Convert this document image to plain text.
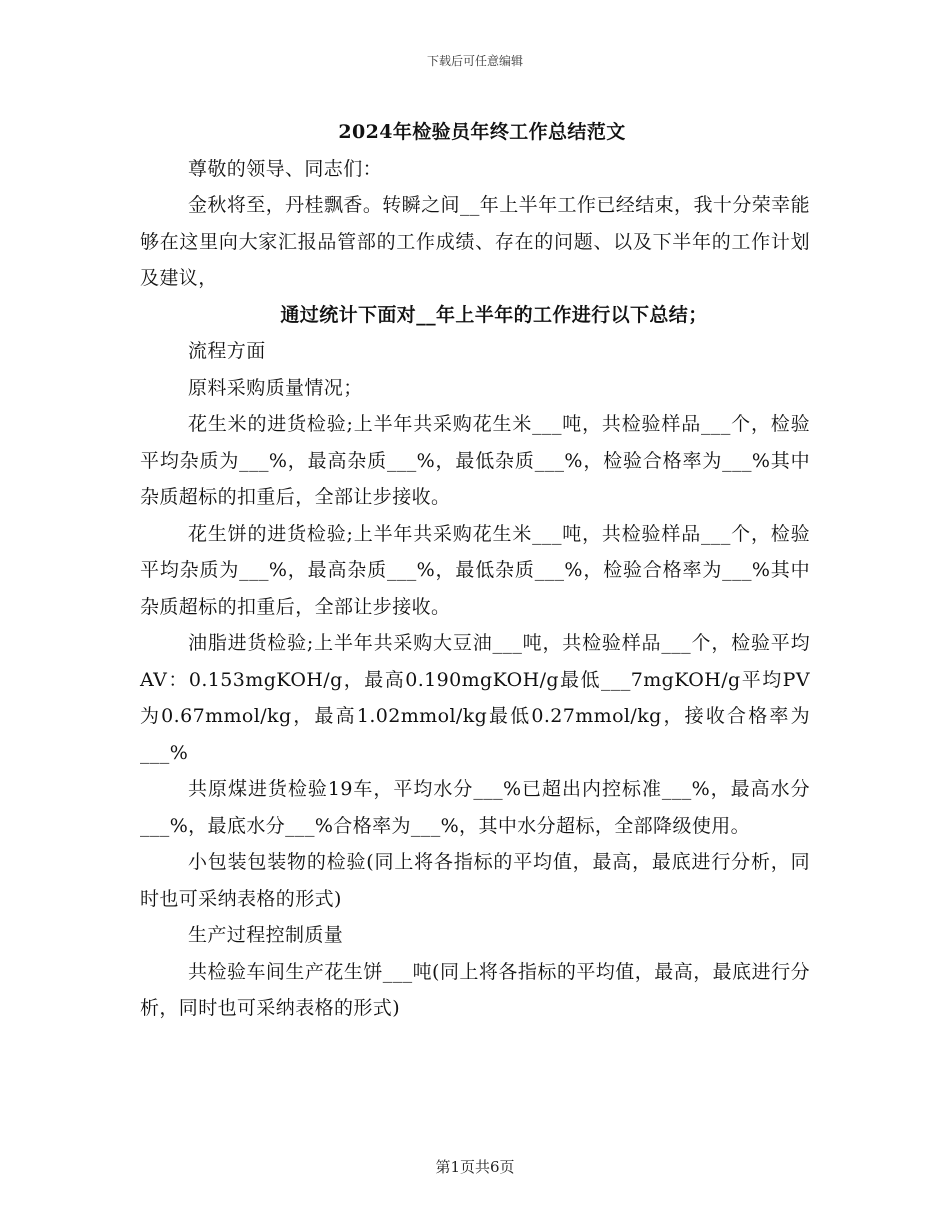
下载后可任意编辑
2024年检验员年终工作总结范文

尊敬的领导、同志们：

金秋将至，丹桂飘香。转瞬之间__年上半年工作已经结束，我十分荣幸能够在这里向大家汇报品管部的工作成绩、存在的问题、以及下半年的工作计划及建议，

通过统计下面对__年上半年的工作进行以下总结；

流程方面

原料采购质量情况；

花生米的进货检验;上半年共采购花生米___吨，共检验样品___个，检验平均杂质为___%，最高杂质___%，最低杂质___%，检验合格率为___%其中杂质超标的扣重后，全部让步接收。

花生饼的进货检验;上半年共采购花生米___吨，共检验样品___个，检验平均杂质为___%，最高杂质___%，最低杂质___%，检验合格率为___%其中杂质超标的扣重后，全部让步接收。

油脂进货检验;上半年共采购大豆油___吨，共检验样品___个，检验平均AV：0.153mgKOH/g，最高0.190mgKOH/g最低___7mgKOH/g平均PV为0.67mmol/kg，最高1.02mmol/kg最低0.27mmol/kg，接收合格率为___%

共原煤进货检验19车，平均水分___%已超出内控标准___%，最高水分___%，最底水分___%合格率为___%，其中水分超标，全部降级使用。

小包装包装物的检验(同上将各指标的平均值，最高，最底进行分析，同时也可采纳表格的形式)

生产过程控制质量

共检验车间生产花生饼___吨(同上将各指标的平均值，最高，最底进行分析，同时也可采纳表格的形式)

第1页共6页
